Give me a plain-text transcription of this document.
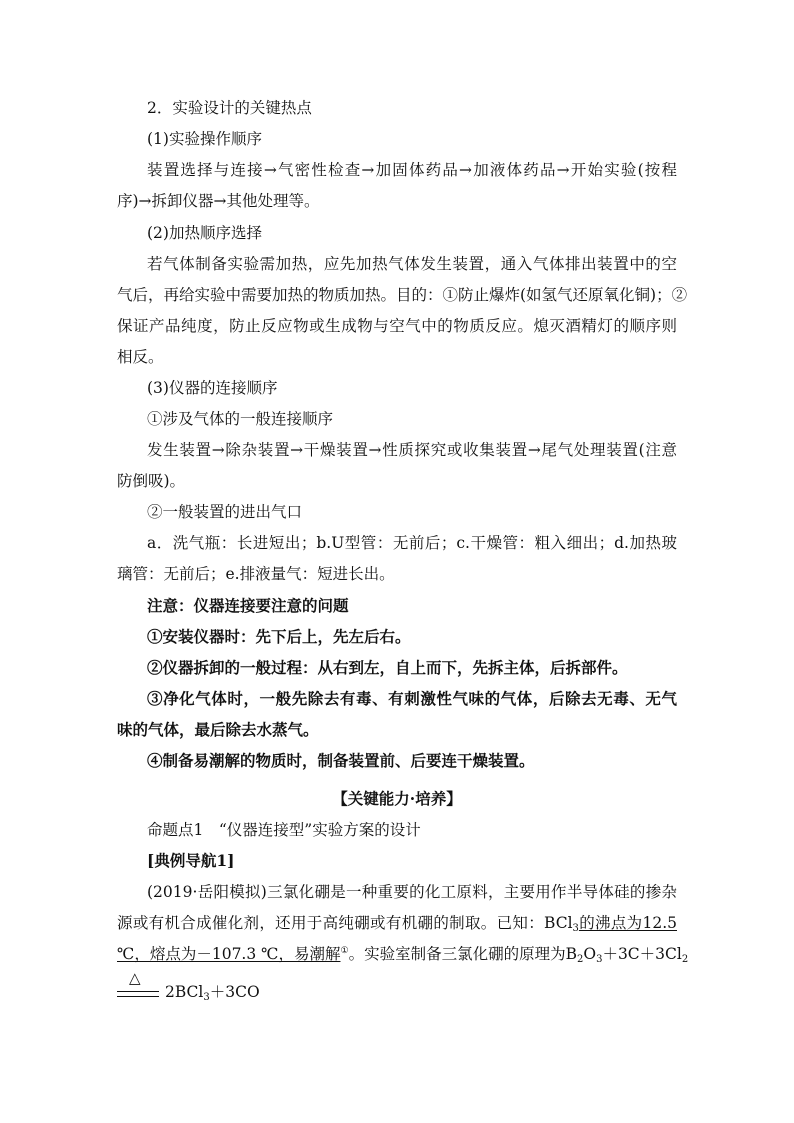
2．实验设计的关键热点
(1)实验操作顺序
装置选择与连接→气密性检查→加固体药品→加液体药品→开始实验(按程
序)→拆卸仪器→其他处理等。
(2)加热顺序选择
若气体制备实验需加热，应先加热气体发生装置，通入气体排出装置中的空
气后，再给实验中需要加热的物质加热。目的：①防止爆炸(如氢气还原氧化铜)；②
保证产品纯度，防止反应物或生成物与空气中的物质反应。熄灭酒精灯的顺序则
相反。
(3)仪器的连接顺序
①涉及气体的一般连接顺序
发生装置→除杂装置→干燥装置→性质探究或收集装置→尾气处理装置(注意
防倒吸)。
②一般装置的进出气口
a．洗气瓶：长进短出；b.U型管：无前后；c.干燥管：粗入细出；d.加热玻
璃管：无前后；e.排液量气：短进长出。
注意：仪器连接要注意的问题
①安装仪器时：先下后上，先左后右。
②仪器拆卸的一般过程：从右到左，自上而下，先拆主体，后拆部件。
③净化气体时，一般先除去有毒、有刺激性气味的气体，后除去无毒、无气
味的气体，最后除去水蒸气。
④制备易潮解的物质时，制备装置前、后要连干燥装置。
【关键能力·培养】
命题点1　“仪器连接型”实验方案的设计
[典例导航1]
(2019·岳阳模拟)三氯化硼是一种重要的化工原料，主要用作半导体硅的掺杂
源或有机合成催化剂，还用于高纯硼或有机硼的制取。已知：BCl$_3$的沸点为12.5
℃，熔点为－107.3 ℃，易潮解①。实验室制备三氯化硼的原理为$B_2O_3+3C+3Cl_2$
△
2BCl$_3$＋3CO
